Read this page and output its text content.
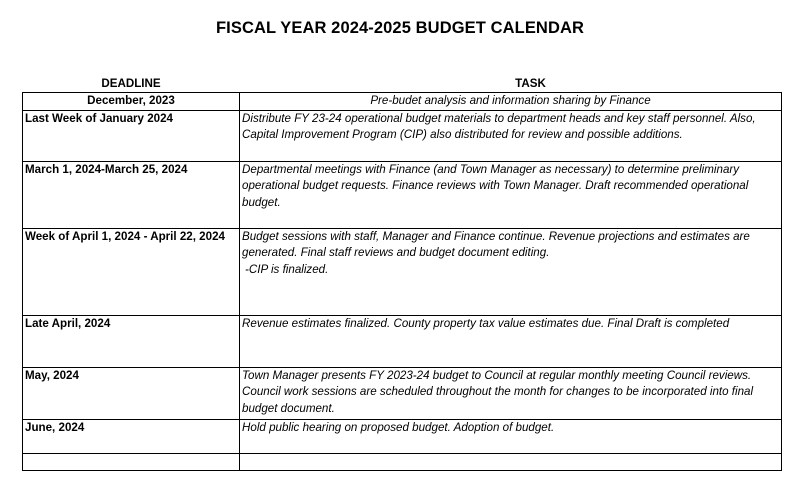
FISCAL YEAR 2024-2025 BUDGET CALENDAR
DEADLINE	TASK
December, 2023	Pre-budet analysis and information sharing by Finance
Last Week of January 2024	Distribute FY 23-24 operational budget materials to department heads and key staff personnel. Also, Capital Improvement Program (CIP) also distributed for review and possible additions.
March 1, 2024-March 25, 2024	Departmental meetings with Finance (and Town Manager as necessary) to determine preliminary operational budget requests. Finance reviews with Town Manager. Draft recommended operational budget.
Week of April 1, 2024 - April 22, 2024	Budget sessions with staff, Manager and Finance continue. Revenue projections and estimates are generated. Final staff reviews and budget document editing.
-CIP is finalized.

Late April, 2024	Revenue estimates finalized. County property tax value estimates due. Final Draft is completed
May, 2024	Town Manager presents FY 2023-24 budget to Council at regular monthly meeting Council reviews. Council work sessions are scheduled throughout the month for changes to be incorporated into final budget document.
June, 2024	Hold public hearing on proposed budget. Adoption of budget.
